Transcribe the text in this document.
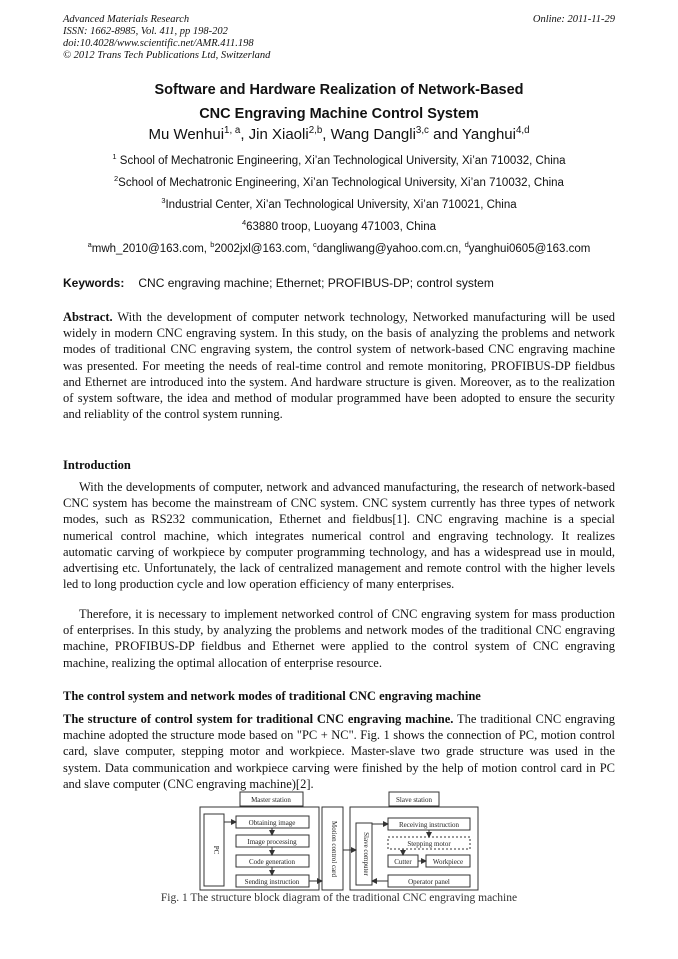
Advanced Materials Research
ISSN: 1662-8985, Vol. 411, pp 198-202
doi:10.4028/www.scientific.net/AMR.411.198
© 2012 Trans Tech Publications Ltd, Switzerland
Online: 2011-11-29
Software and Hardware Realization of Network-Based
CNC Engraving Machine Control System
Mu Wenhui$^{1, a}$, Jin Xiaoli$^{2,b}$, Wang Dangli$^{3,c}$ and Yanghui$^{4,d}$
$^1$ School of Mechatronic Engineering, Xi’an Technological University, Xi’an 710032, China
$^2$School of Mechatronic Engineering, Xi’an Technological University, Xi’an 710032, China
$^3$Industrial Center, Xi’an Technological University, Xi’an 710021, China
$^4$63880 troop, Luoyang 471003, China
$^a$mwh_2010@163.com, $^b$2002jxl@163.com, $^c$dangliwang@yahoo.com.cn, $^d$yanghui0605@163.com
Keywords: CNC engraving machine; Ethernet; PROFIBUS-DP; control system
Abstract. With the development of computer network technology, Networked manufacturing will be used widely in modern CNC engraving system. In this study, on the basis of analyzing the problems and network modes of traditional CNC engraving system, the control system of network-based CNC engraving machine was presented. For meeting the needs of real-time control and remote monitoring, PROFIBUS-DP fieldbus and Ethernet are introduced into the system. And hardware structure is given. Moreover, as to the realization of system software, the idea and method of modular programmed have been adopted to ensure the security and reliablity of the control system running.
Introduction
With the developments of computer, network and advanced manufacturing, the research of network-based CNC system has become the mainstream of CNC system. CNC system currently has three types of network modes, such as RS232 communication, Ethernet and fieldbus[1]. CNC engraving machine is a special numerical control machine, which integrates numerical control and engraving technology. It realizes automatic carving of workpiece by computer programming technology, and has a widespread use in mould, advertising etc. Unfortunately, the lack of centralized management and remote control with the higher levels led to long production cycle and low operation efficiency of many enterprises.
Therefore, it is necessary to implement networked control of CNC engraving system for mass production of enterprises. In this study, by analyzing the problems and network modes of the traditional CNC engraving machine, PROFIBUS-DP fieldbus and Ethernet were applied to the control system of CNC engraving machine, realizing the optimal allocation of enterprise resource.
The control system and network modes of traditional CNC engraving machine
The structure of control system for traditional CNC engraving machine. The traditional CNC engraving machine adopted the structure mode based on "PC + NC". Fig. 1 shows the connection of PC, motion control card, slave computer, stepping motor and workpiece. Master-slave two grade structure was used in the system. Data communication and workpiece carving were finished by the help of motion control card in PC and slave computer (CNC engraving machine)[2].
Master station	Slave station
PC
Obtaining image
Image processing
Code generation
Sending instruction
Motion control card	Slave computer
Receiving instruction
Stepping motor
Cutter	Workpiece
Operator panel
Fig. 1 The structure block diagram of the traditional CNC engraving machine
